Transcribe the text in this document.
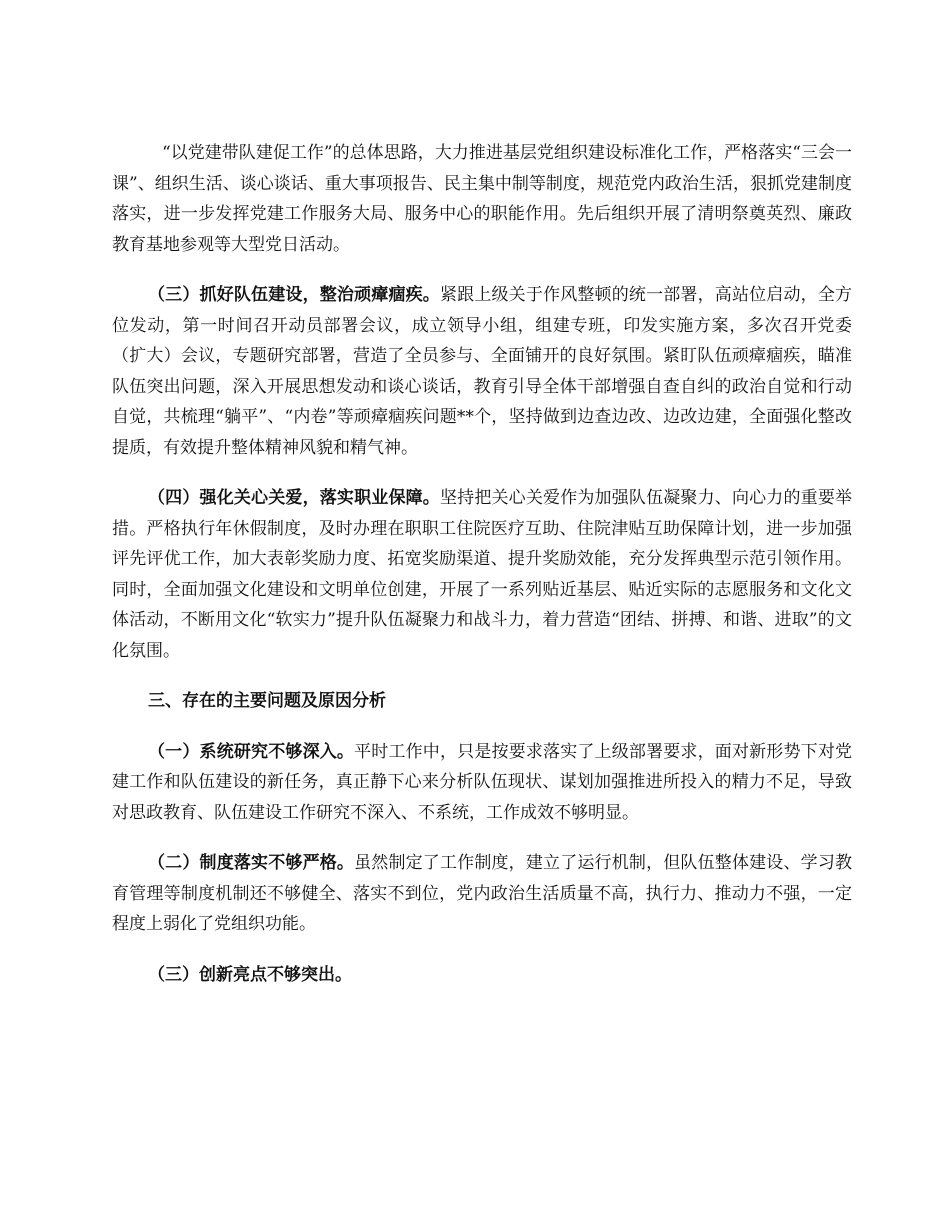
“以党建带队建促工作”的总体思路，大力推进基层党组织建设标准化工作，严格落实“三会一课”、组织生活、谈心谈话、重大事项报告、民主集中制等制度，规范党内政治生活，狠抓党建制度落实，进一步发挥党建工作服务大局、服务中心的职能作用。先后组织开展了清明祭奠英烈、廉政教育基地参观等大型党日活动。

（三）抓好队伍建设，整治顽瘴痼疾。紧跟上级关于作风整顿的统一部署，高站位启动，全方位发动，第一时间召开动员部署会议，成立领导小组，组建专班，印发实施方案，多次召开党委（扩大）会议，专题研究部署，营造了全员参与、全面铺开的良好氛围。紧盯队伍顽瘴痼疾，瞄准队伍突出问题，深入开展思想发动和谈心谈话，教育引导全体干部增强自查自纠的政治自觉和行动自觉，共梳理“躺平”、“内卷”等顽瘴痼疾问题**个，坚持做到边查边改、边改边建，全面强化整改提质，有效提升整体精神风貌和精气神。

（四）强化关心关爱，落实职业保障。坚持把关心关爱作为加强队伍凝聚力、向心力的重要举措。严格执行年休假制度，及时办理在职职工住院医疗互助、住院津贴互助保障计划，进一步加强评先评优工作，加大表彰奖励力度、拓宽奖励渠道、提升奖励效能，充分发挥典型示范引领作用。同时，全面加强文化建设和文明单位创建，开展了一系列贴近基层、贴近实际的志愿服务和文化文体活动，不断用文化“软实力”提升队伍凝聚力和战斗力，着力营造“团结、拼搏、和谐、进取”的文化氛围。

三、存在的主要问题及原因分析

（一）系统研究不够深入。平时工作中，只是按要求落实了上级部署要求，面对新形势下对党建工作和队伍建设的新任务，真正静下心来分析队伍现状、谋划加强推进所投入的精力不足，导致对思政教育、队伍建设工作研究不深入、不系统，工作成效不够明显。

（二）制度落实不够严格。虽然制定了工作制度，建立了运行机制，但队伍整体建设、学习教育管理等制度机制还不够健全、落实不到位，党内政治生活质量不高，执行力、推动力不强，一定程度上弱化了党组织功能。

（三）创新亮点不够突出。
